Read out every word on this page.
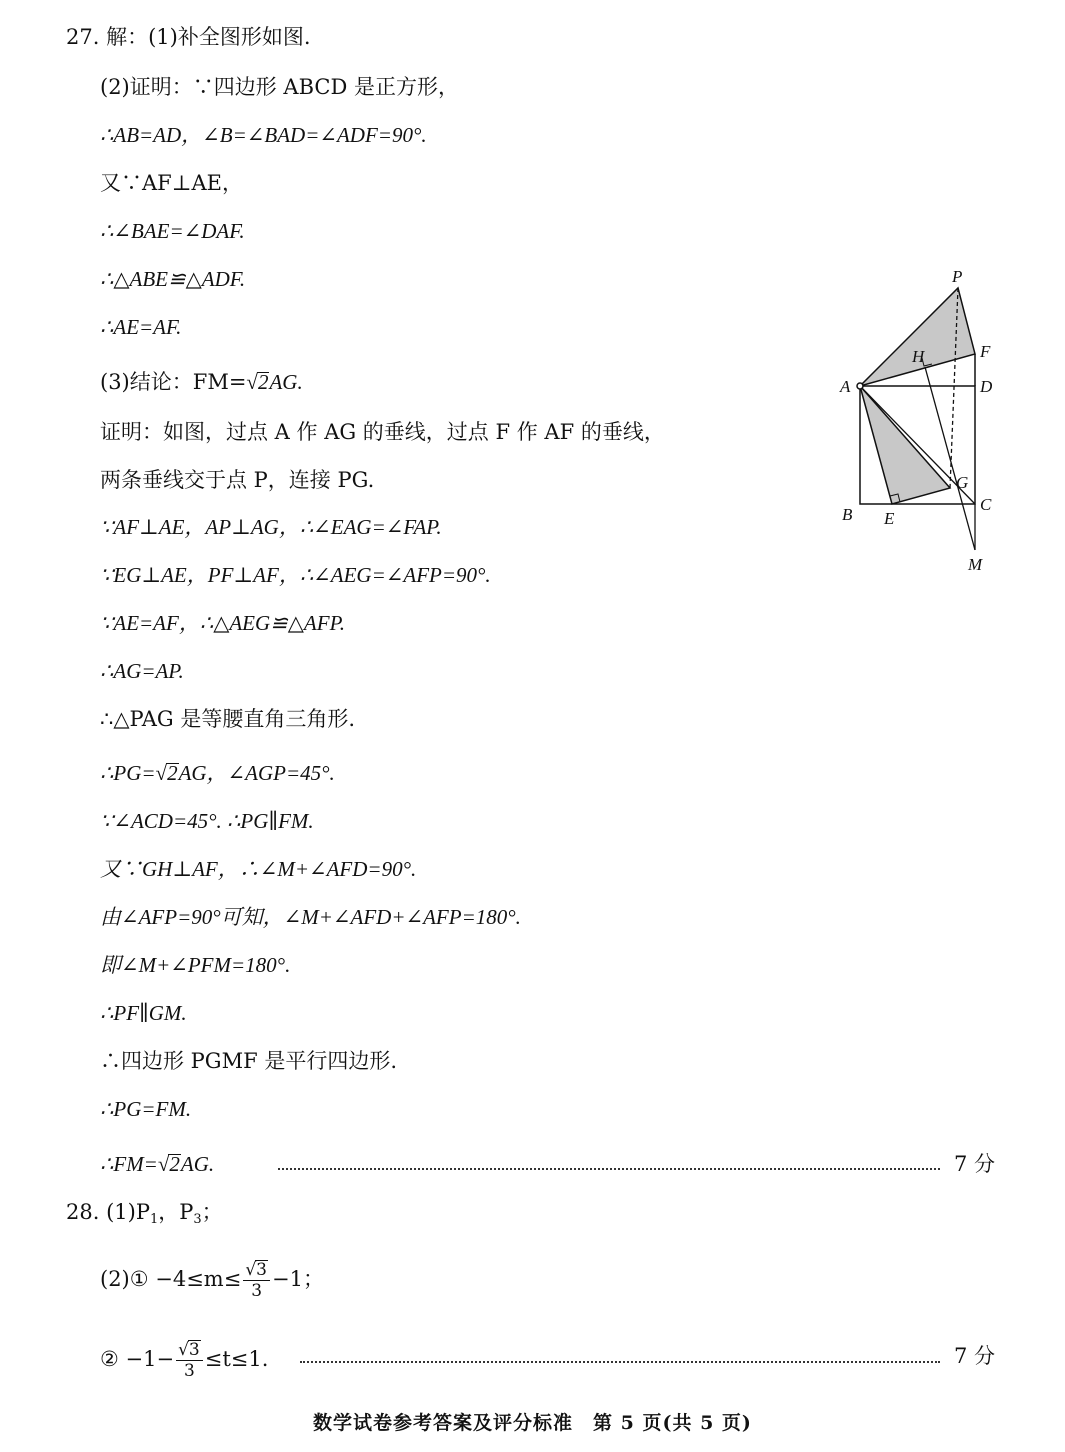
27. 解：(1)补全图形如图.
(2)证明：∵四边形 ABCD 是正方形，
∴AB=AD，∠B=∠BAD=∠ADF=90°.
又∵AF⊥AE，
∴∠BAE=∠DAF.
∴△ABE≌△ADF.
∴AE=AF.
(3)结论：FM=√2AG.
证明：如图，过点 A 作 AG 的垂线，过点 F 作 AF 的垂线，
两条垂线交于点 P，连接 PG.
∵AF⊥AE，AP⊥AG，∴∠EAG=∠FAP.
∵EG⊥AE，PF⊥AF，∴∠AEG=∠AFP=90°.
∵AE=AF，∴△AEG≌△AFP.
∴AG=AP.
∴△PAG 是等腰直角三角形.
∴PG=√2AG，∠AGP=45°.
∵∠ACD=45°. ∴PG∥FM.
又∵GH⊥AF，∴∠M+∠AFD=90°.
由∠AFP=90°可知，∠M+∠AFD+∠AFP=180°.
即∠M+∠PFM=180°.
∴PF∥GM.
∴四边形 PGMF 是平行四边形.
∴PG=FM.
∴FM=√2AG.	7 分
28. $(1)P_1$，$P_3$；
(2)① $-4\le m\le \frac{√3}{3} -1$；
② $-1- \frac{√3}{3} \le t\le 1$.	7 分
P
H	F
A	D
G
C
B E
M
数学试卷参考答案及评分标准　第 5 页(共 5 页)
